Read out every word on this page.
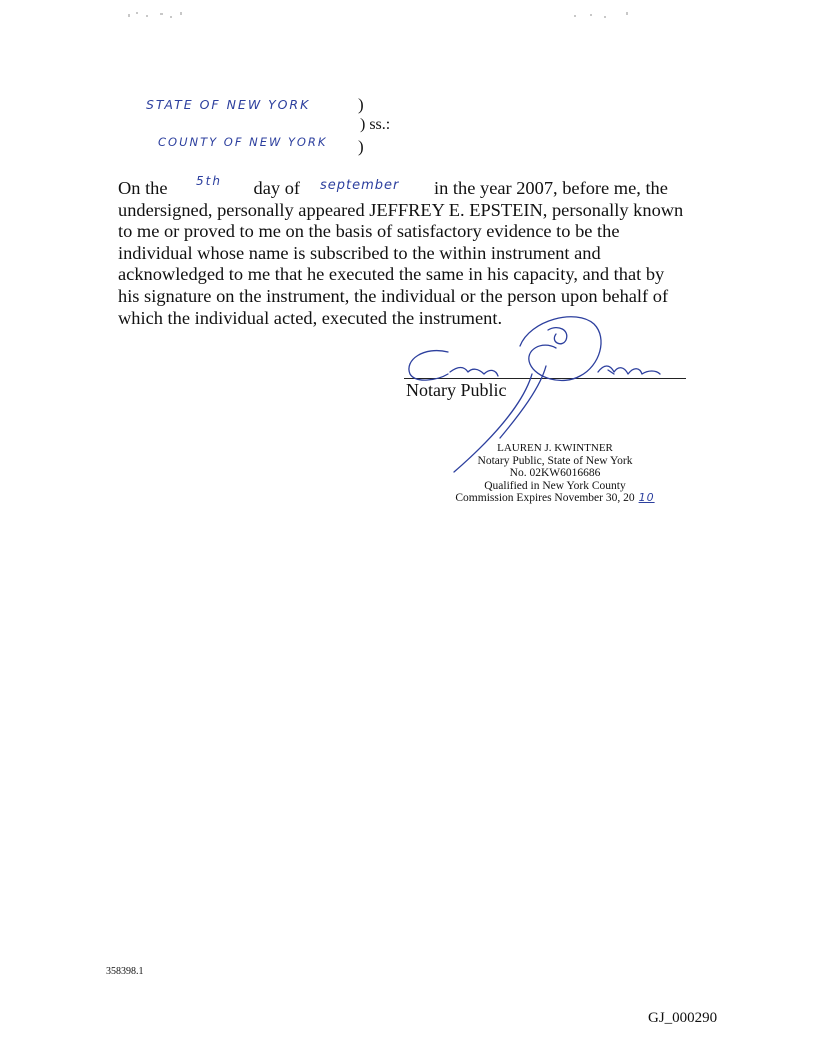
STATE OF NEW YORK	)
) ss.:
COUNTY OF NEW YORK )
5th	september
On the	day of	in the year 2007, before me, the
undersigned, personally appeared JEFFREY E. EPSTEIN, personally known
to me or proved to me on the basis of satisfactory evidence to be the
individual whose name is subscribed to the within instrument and
acknowledged to me that he executed the same in his capacity, and that by
his signature on the instrument, the individual or the person upon behalf of
which the individual acted, executed the instrument.
Notary Public
LAUREN J. KWINTNER
Notary Public, State of New York
No. 02KW6016686
Qualified in New York County
Commission Expires November 30, 20 10
358398.1
GJ_000290
